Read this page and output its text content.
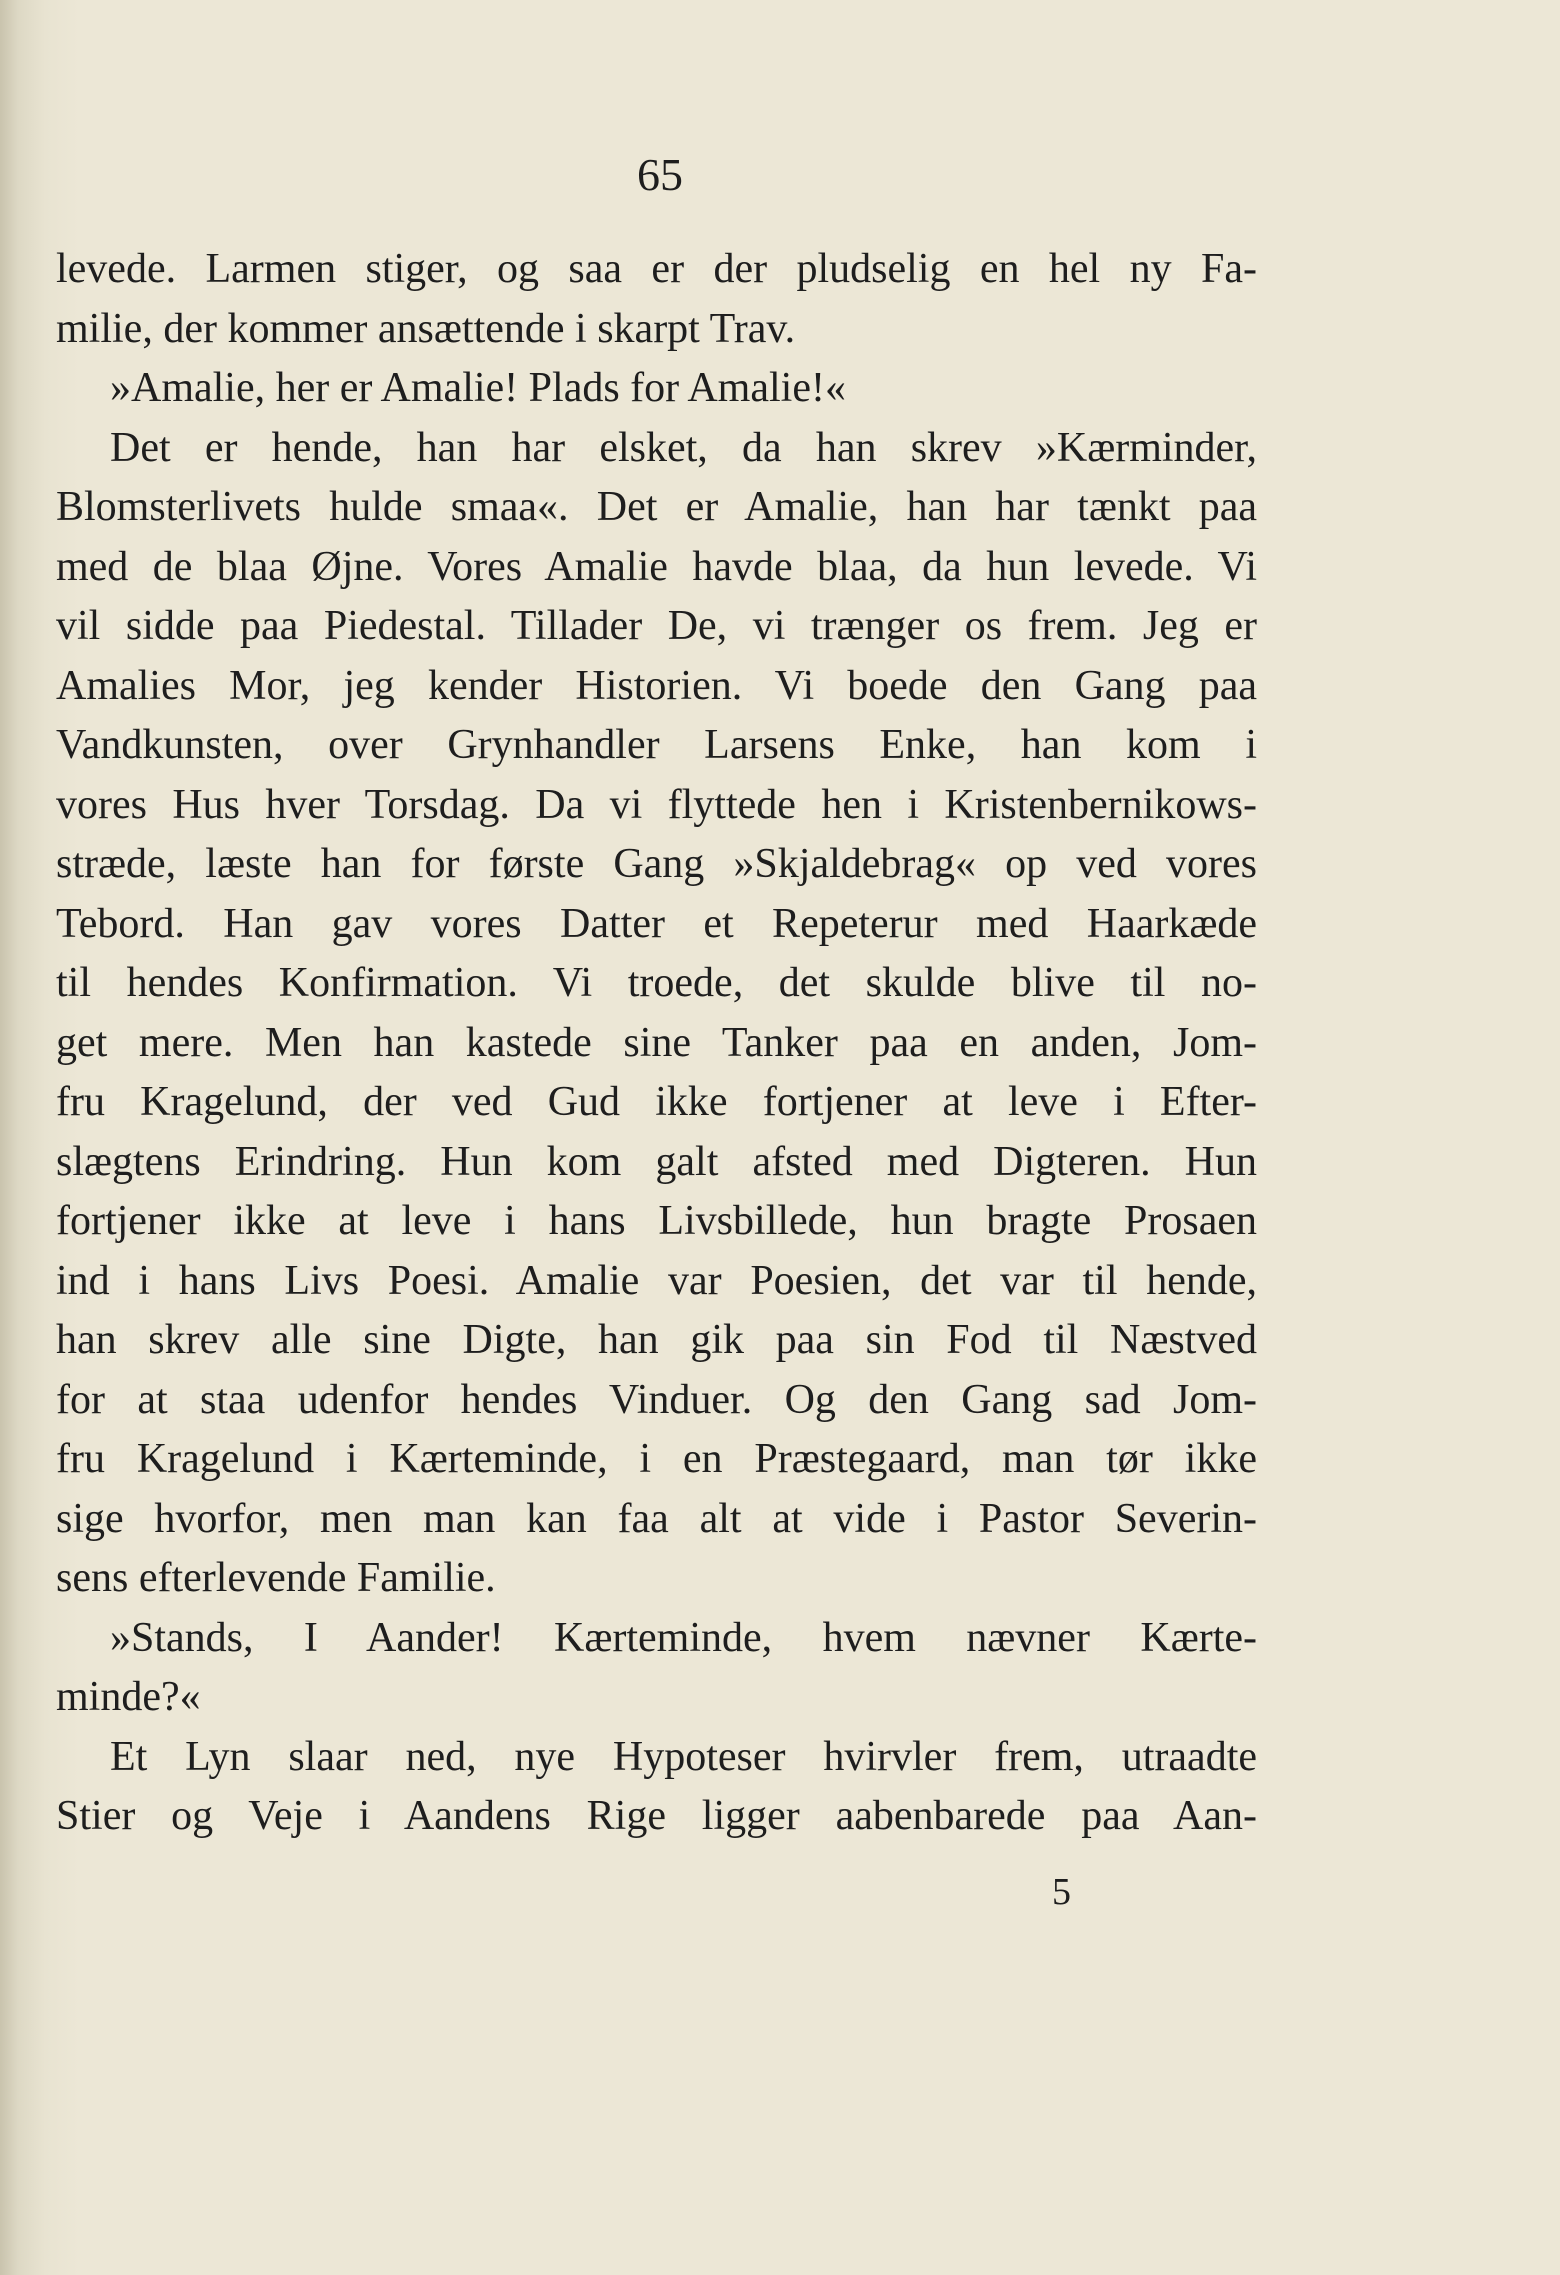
65
levede. Larmen stiger, og saa er der pludselig en hel ny Fa-
milie, der kommer ansættende i skarpt Trav.
»Amalie, her er Amalie! Plads for Amalie!«
Det er hende, han har elsket, da han skrev »Kærminder,
Blomsterlivets hulde smaa«. Det er Amalie, han har tænkt paa
med de blaa Øjne. Vores Amalie havde blaa, da hun levede. Vi
vil sidde paa Piedestal. Tillader De, vi trænger os frem. Jeg er
Amalies Mor, jeg kender Historien. Vi boede den Gang paa
Vandkunsten, over Grynhandler Larsens Enke, han kom i
vores Hus hver Torsdag. Da vi flyttede hen i Kristenbernikows-
stræde, læste han for første Gang »Skjaldebrag« op ved vores
Tebord. Han gav vores Datter et Repeterur med Haarkæde
til hendes Konfirmation. Vi troede, det skulde blive til no-
get mere. Men han kastede sine Tanker paa en anden, Jom-
fru Kragelund, der ved Gud ikke fortjener at leve i Efter-
slægtens Erindring. Hun kom galt afsted med Digteren. Hun
fortjener ikke at leve i hans Livsbillede, hun bragte Prosaen
ind i hans Livs Poesi. Amalie var Poesien, det var til hende,
han skrev alle sine Digte, han gik paa sin Fod til Næstved
for at staa udenfor hendes Vinduer. Og den Gang sad Jom-
fru Kragelund i Kærteminde, i en Præstegaard, man tør ikke
sige hvorfor, men man kan faa alt at vide i Pastor Severin-
sens efterlevende Familie.
»Stands, I Aander! Kærteminde, hvem nævner Kærte-
minde?«
Et Lyn slaar ned, nye Hypoteser hvirvler frem, utraadte
Stier og Veje i Aandens Rige ligger aabenbarede paa Aan-
5
